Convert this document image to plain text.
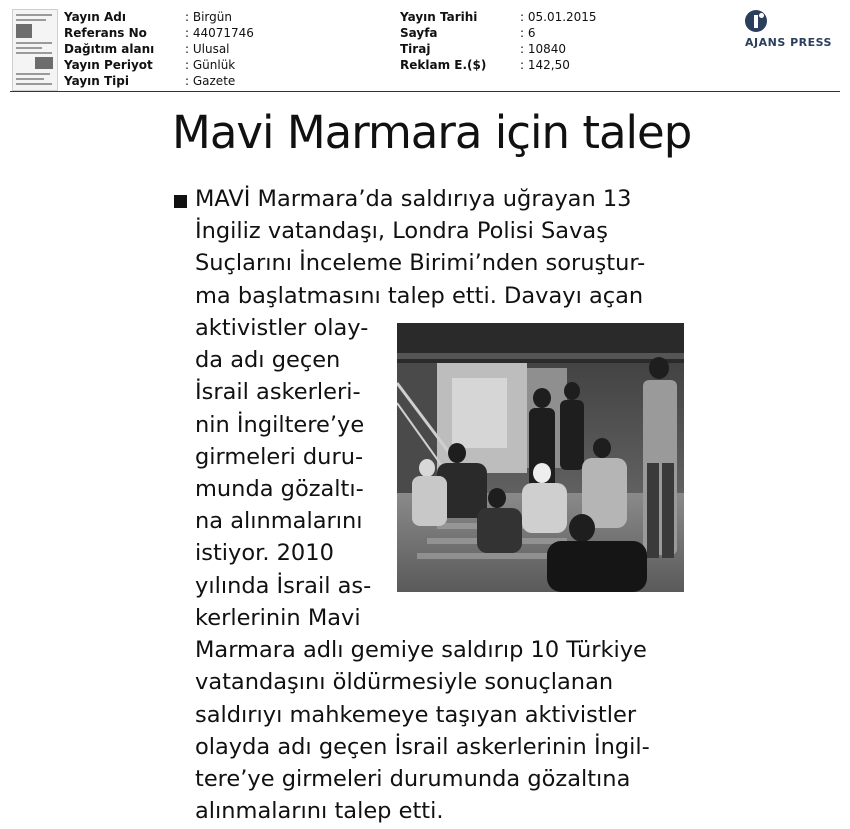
Yayın Adı	: Birgün
Referans No	: 44071746
Dağıtım alanı	: Ulusal
Yayın Periyot	: Günlük
Yayın Tipi	: Gazete
Yayın Tarihi	: 05.01.2015
Sayfa	: 6
Tiraj	: 10840
Reklam E.($)	: 142,50
AJANS PRESS
Mavi Marmara için talep
MAVİ Marmara’da saldırıya uğrayan 13
İngiliz vatandaşı, Londra Polisi Savaş
Suçlarını İnceleme Birimi’nden soruştur-
ma başlatmasını talep etti. Davayı açan
aktivistler olay-
da adı geçen
İsrail askerleri-
nin İngiltere’ye
girmeleri duru-
munda gözaltı-
na alınmalarını
istiyor. 2010
yılında İsrail as-
kerlerinin Mavi
Marmara adlı gemiye saldırıp 10 Türkiye
vatandaşını öldürmesiyle sonuçlanan
saldırıyı mahkemeye taşıyan aktivistler
olayda adı geçen İsrail askerlerinin İngil-
tere’ye girmeleri durumunda gözaltına
alınmalarını talep etti.
